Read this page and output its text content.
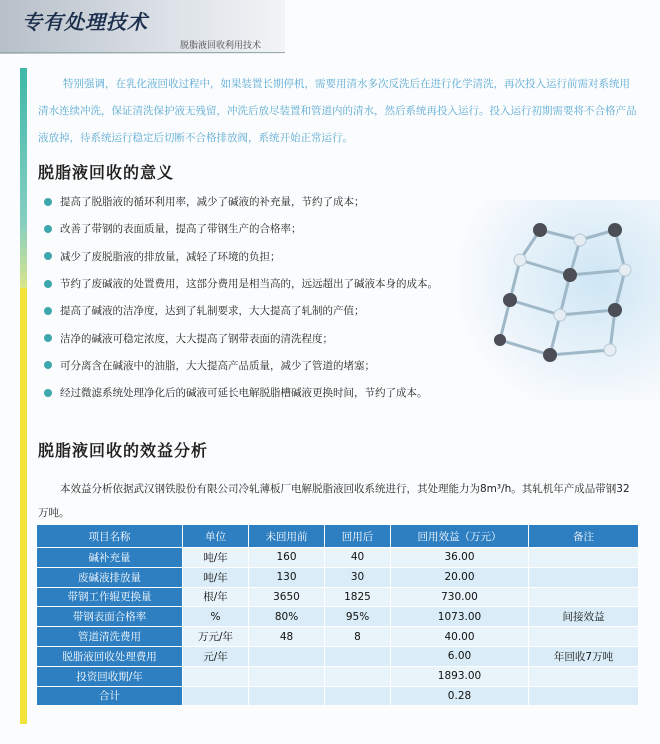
专有处理技术
脱脂液回收利用技术

特别强调，在乳化液回收过程中，如果装置长期停机，需要用清水多次反洗后在进行化学清洗，再次投入运行前需对系统用清水连续冲洗，保证清洗保护液无残留，冲洗后放尽装置和管道内的清水，然后系统再投入运行。投入运行初期需要将不合格产品液放掉，待系统运行稳定后切断不合格排放阀，系统开始正常运行。

脱脂液回收的意义
提高了脱脂液的循环利用率，减少了碱液的补充量，节约了成本；
改善了带钢的表面质量，提高了带钢生产的合格率；
减少了废脱脂液的排放量，减轻了环境的负担；
节约了废碱液的处置费用，这部分费用是相当高的，远远超出了碱液本身的成本。
提高了碱液的洁净度，达到了轧制要求，大大提高了轧制的产值；
洁净的碱液可稳定浓度，大大提高了钢带表面的清洗程度；
可分离含在碱液中的油脂，大大提高产品质量，减少了管道的堵塞；
经过微滤系统处理净化后的碱液可延长电解脱脂槽碱液更换时间，节约了成本。
脱脂液回收的效益分析

本效益分析依据武汉钢铁股份有限公司冷轧薄板厂电解脱脂液回收系统进行，其处理能力为8m³/h。其轧机年产成品带钢32万吨。

项目名称	单位	未回用前	回用后	回用效益（万元）	备注
碱补充量	吨/年	160	40	36.00	
废碱液排放量	吨/年	130	30	20.00	
带钢工作辊更换量	根/年	3650	1825	730.00	
带钢表面合格率	%	80%	95%	1073.00	间接效益
管道清洗费用	万元/年	48	8	40.00	
脱脂液回收处理费用	元/年			6.00	年回收7万吨
投资回收期/年				1893.00	
合计				0.28	
